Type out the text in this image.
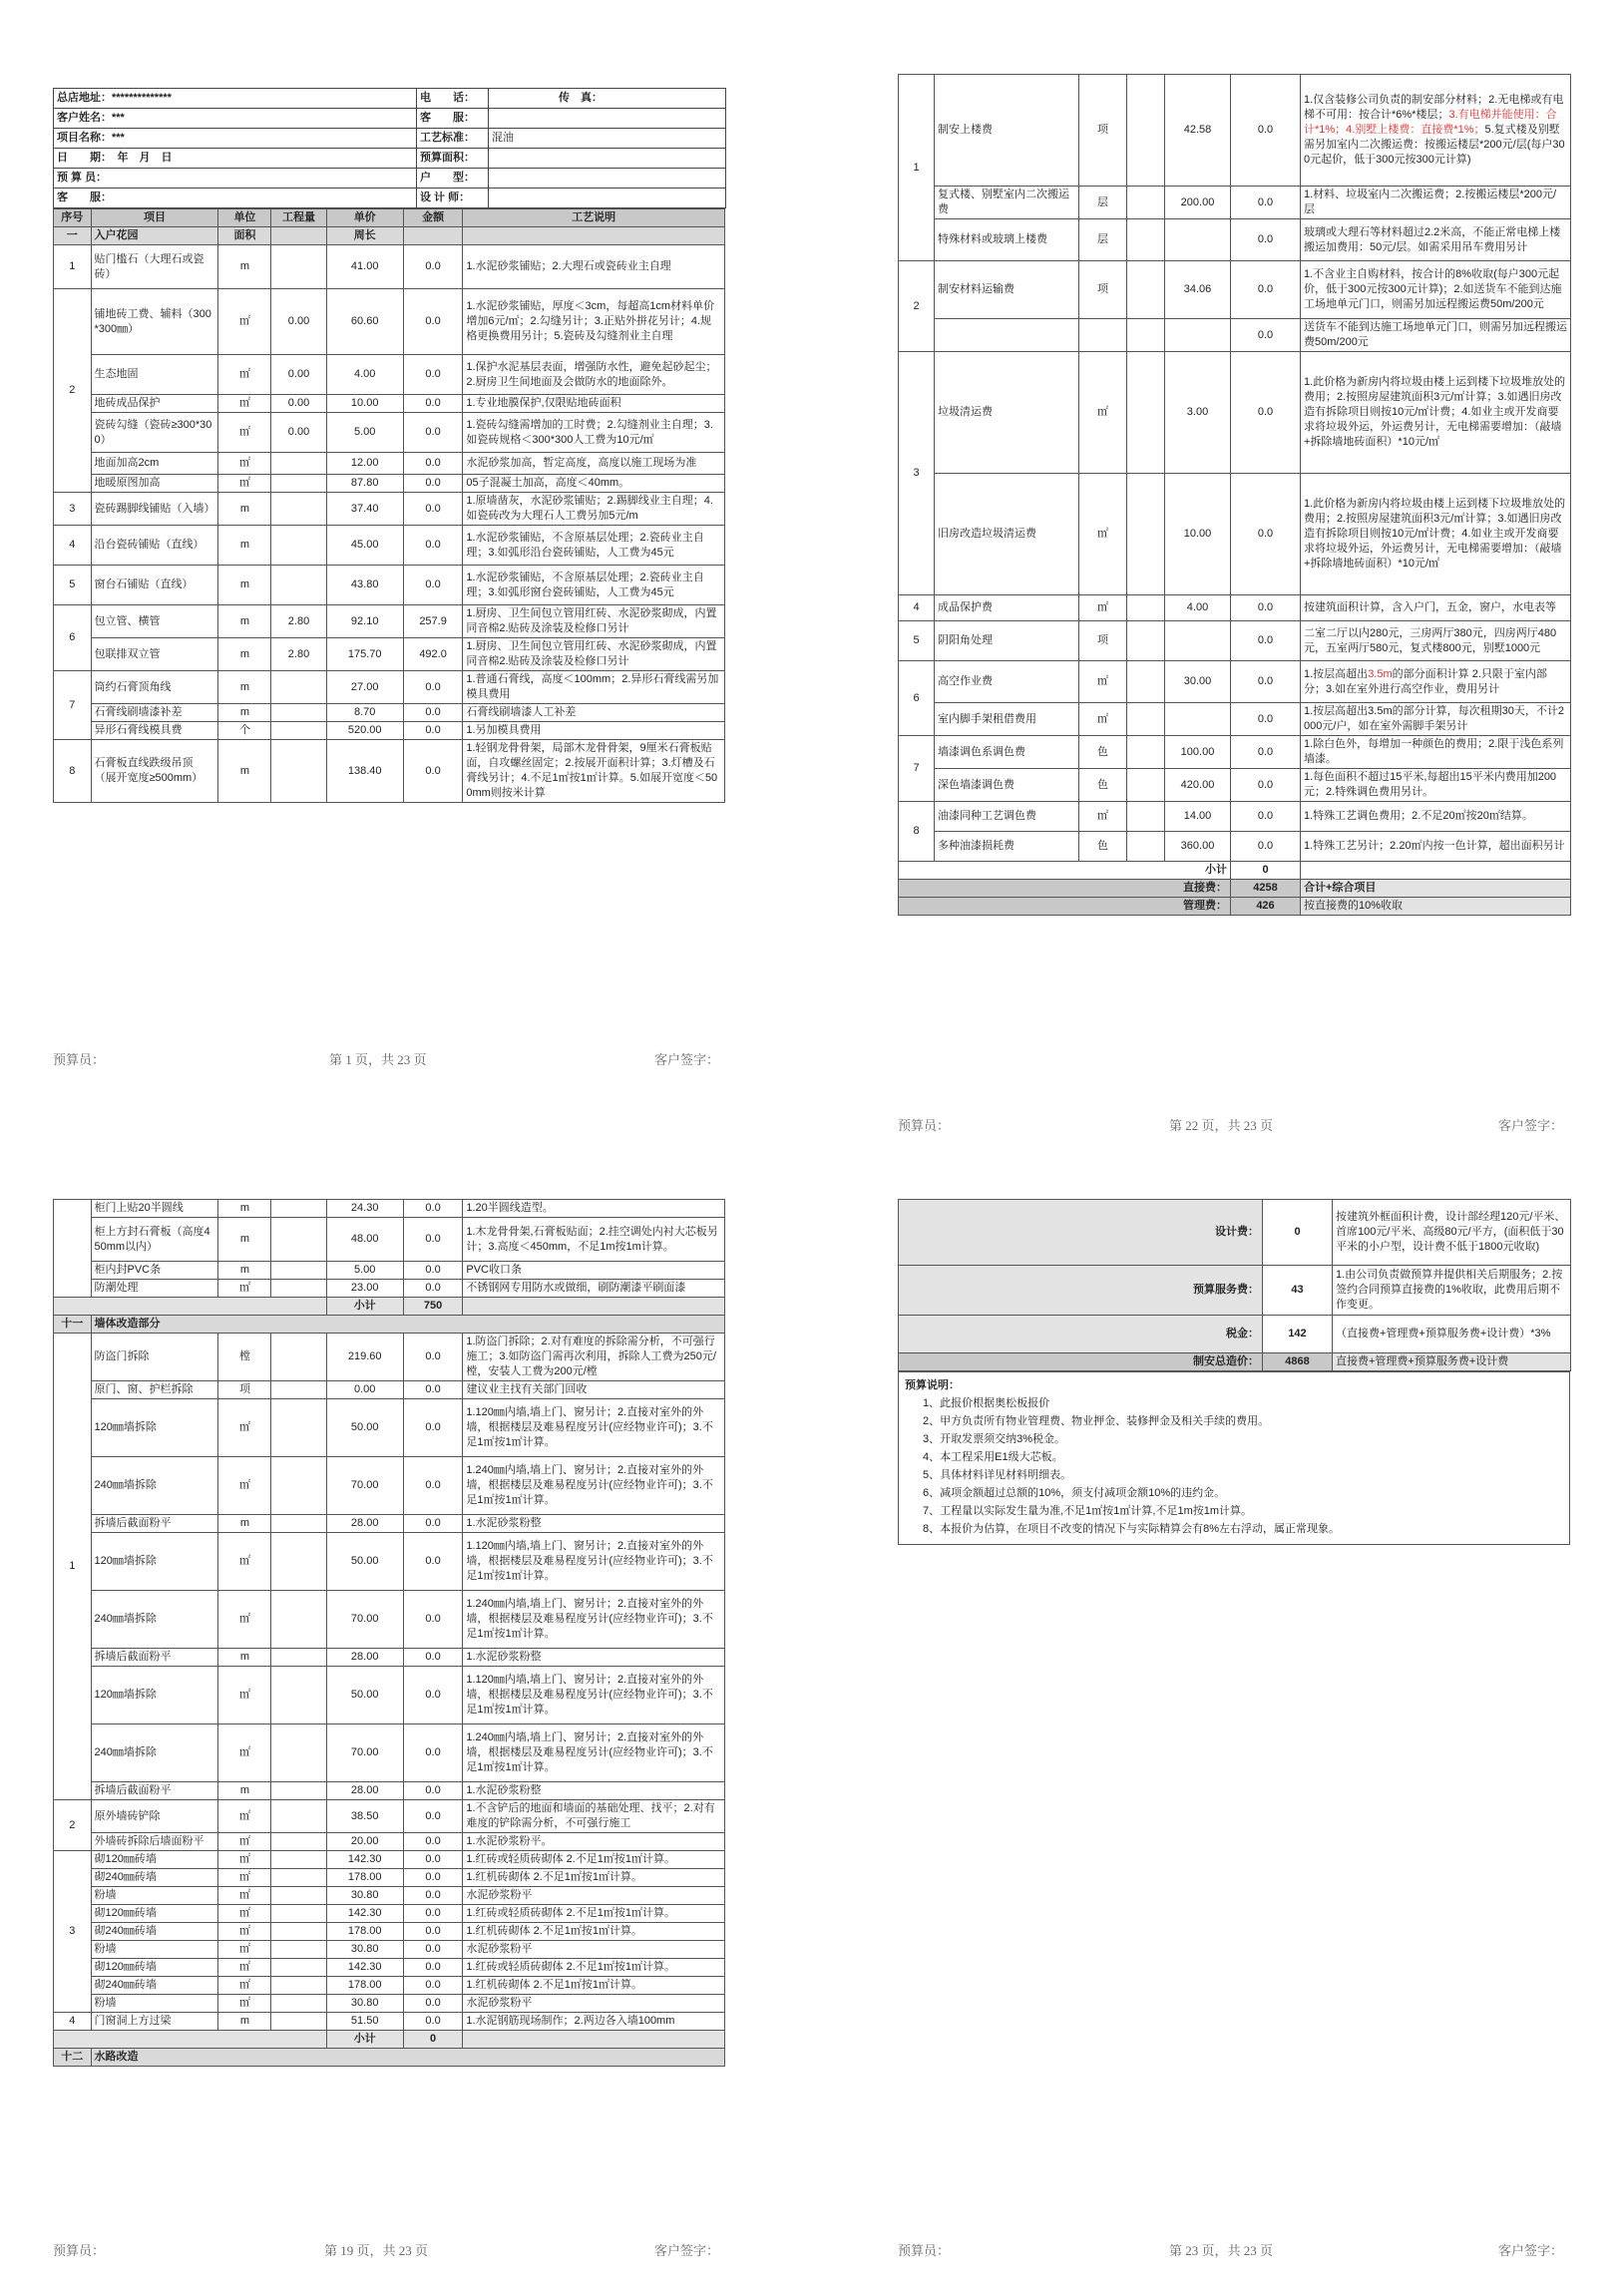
总店地址：**************	电　　话：	传　真：
客户姓名：***	客　　服：	
项目名称：***	工艺标准：	混油
日　　期：　年　月　日	预算面积：	
预 算 员：	户　　型：	
客　　服：	设 计 师：	
序号	项目	单位	工程量	单价	金额	工艺说明
一	入户花园	面积		周长		
1	贴门槛石（大理石或瓷砖）	m		41.00	0.0	1.水泥砂浆铺贴；2.大理石或瓷砖业主自理
2	铺地砖工费、辅料（300*300㎜）	㎡	0.00	60.60	0.0	1.水泥砂浆铺贴，厚度＜3cm，每超高1cm材料单价增加6元/㎡；2.勾缝另计；3.正贴外拼花另计；4.规格更换费用另计；5.瓷砖及勾缝剂业主自理
	生态地固	㎡	0.00	4.00	0.0	1.保护水泥基层表面，增强防水性，避免起砂起尘；2.厨房卫生间地面及会做防水的地面除外。
	地砖成品保护	㎡	0.00	10.00	0.0	1.专业地膜保护,仅限贴地砖面积
	瓷砖勾缝（瓷砖≥300*300）	㎡	0.00	5.00	0.0	1.瓷砖勾缝需增加的工时费；2.勾缝剂业主自理；3.如瓷砖规格＜300*300人工费为10元/㎡
	地面加高2cm	㎡		12.00	0.0	水泥砂浆加高，暂定高度，高度以施工现场为准
	地暖原图加高	㎡		87.80	0.0	05子混凝土加高，高度＜40mm。
3	瓷砖踢脚线铺贴（入墙）	m		37.40	0.0	1.原墙凿灰，水泥砂浆铺贴；2.踢脚线业主自理；4.如瓷砖改为大理石人工费另加5元/m
4	沿台瓷砖铺贴（直线）	m		45.00	0.0	1.水泥砂浆铺贴，不含原基层处理；2.瓷砖业主自理；3.如弧形沿台瓷砖铺贴，人工费为45元
5	窗台石铺贴（直线）	m		43.80	0.0	1.水泥砂浆铺贴，不含原基层处理；2.瓷砖业主自理；3.如弧形窗台瓷砖铺贴，人工费为45元
6	包立管、横管	m	2.80	92.10	257.9	1.厨房、卫生间包立管用红砖、水泥砂浆砌成，内置同音棉2.贴砖及涂装及检修口另计
	包联排双立管	m	2.80	175.70	492.0	1.厨房、卫生间包立管用红砖、水泥砂浆砌成，内置同音棉2.贴砖及涂装及检修口另计
7	筒约石膏顶角线	m		27.00	0.0	1.普通石膏线，高度＜100mm；2.异形石膏线需另加模具费用
	石膏线刷墙漆补差	m		8.70	0.0	石膏线刷墙漆人工补差
	异形石膏线模具费	个		520.00	0.0	1.另加模具费用
8	石膏板直线跌级吊顶（展开宽度≥500mm）	m		138.40	0.0	1.轻钢龙骨骨架，局部木龙骨骨架，9厘米石膏板贴面，自攻螺丝固定；2.按展开面积计算；3.灯槽及石膏线另计；4.不足1㎡按1㎡计算。5.如展开宽度＜500mm则按米计算
预算员：	第 1 页，共 23 页	客户签字：
1	制安上楼费	项		42.58	0.0	1.仅含装修公司负责的制安部分材料；2.无电梯或有电梯不可用：按合计*6%*楼层；3.有电梯并能使用：合计*1%；4.别墅上楼费：直接费*1%；5.复式楼及别墅需另加室内二次搬运费：按搬运楼层*200元/层(每户300元起价，低于300元按300元计算)
	复式楼、别墅室内二次搬运费	层		200.00	0.0	1.材料、垃圾室内二次搬运费；2.按搬运楼层*200元/层
	特殊材料或玻璃上楼费	层			0.0	玻璃或大理石等材料超过2.2米高，不能正常电梯上楼搬运加费用：50元/层。如需采用吊车费用另计
2	制安材料运输费	项		34.06	0.0	1.不含业主自购材料，按合计的8%收取(每户300元起价，低于300元按300元计算)；2.如送货车不能到达施工场地单元门口，则需另加远程搬运费50m/200元
					0.0	送货车不能到达施工场地单元门口，则需另加远程搬运费50m/200元
3	垃圾清运费	㎡		3.00	0.0	1.此价格为新房内将垃圾由楼上运到楼下垃圾堆放处的费用；2.按照房屋建筑面积3元/㎡计算；3.如遇旧房改造有拆除项目则按10元/㎡计费；4.如业主或开发商要求将垃圾外运，外运费另计，无电梯需要增加：（敲墙+拆除墙地砖面积）*10元/㎡
	旧房改造垃圾清运费	㎡		10.00	0.0	1.此价格为新房内将垃圾由楼上运到楼下垃圾堆放处的费用；2.按照房屋建筑面积3元/㎡计算；3.如遇旧房改造有拆除项目则按10元/㎡计费；4.如业主或开发商要求将垃圾外运，外运费另计，无电梯需要增加：（敲墙+拆除墙地砖面积）*10元/㎡
4	成品保护费	㎡		4.00	0.0	按建筑面积计算，含入户门，五金，窗户，水电表等
5	阴阳角处理	项			0.0	二室二厅以内280元，三房两厅380元，四房两厅480元，五室两厅580元，复式楼800元，别墅1000元
6	高空作业费	㎡		30.00	0.0	1.按层高超出3.5m的部分面积计算 2.只限于室内部分；3.如在室外进行高空作业，费用另计
	室内脚手架租借费用	㎡			0.0	1.按层高超出3.5m的部分计算，每次租期30天，不计2000元/户，如在室外需脚手架另计
7	墙漆调色系调色费	色		100.00	0.0	1.除白色外，每增加一种颜色的费用；2.限于浅色系列墙漆。
	深色墙漆调色费	色		420.00	0.0	1.每色面积不超过15平米,每超出15平米内费用加200元；2.特殊调色费用另计。
8	油漆同种工艺调色费	㎡		14.00	0.0	1.特殊工艺调色费用；2.不足20㎡按20㎡结算。
	多种油漆损耗费	色		360.00	0.0	1.特殊工艺另计；2.20㎡内按一色计算，超出面积另计
小计					0	
直接费：					4258	合计+综合项目
管理费：					426	按直接费的10%收取
预算员：	第 22 页，共 23 页	客户签字：
	柜门上贴20半圆线	m		24.30	0.0	1.20半圆线造型。
	柜上方封石膏板（高度450mm以内）	m		48.00	0.0	1.木龙骨骨架,石膏板贴面；2.挂空调处内衬大芯板另计；3.高度＜450mm，不足1m按1m计算。
	柜内封PVC条	m		5.00	0.0	PVC收口条
	防潮处理	㎡		23.00	0.0	不锈钢网专用防水或做细，刷防潮漆平刷面漆
				小计	750	
十一	墙体改造部分					
1	防盗门拆除	樘		219.60	0.0	1.防盗门拆除；2.对有难度的拆除需分析，不可强行施工；3.如防盗门需再次利用，拆除人工费为250元/樘，安装人工费为200元/樘
	原门、窗、护栏拆除	项		0.00	0.0	建议业主找有关部门回收
	120㎜墙拆除	㎡		50.00	0.0	1.120㎜内墙,墙上门、窗另计；2.直接对室外的外墙，根据楼层及难易程度另计(应经物业许可)；3.不足1㎡按1㎡计算。
	240㎜墙拆除	㎡		70.00	0.0	1.240㎜内墙,墙上门、窗另计；2.直接对室外的外墙，根据楼层及难易程度另计(应经物业许可)；3.不足1㎡按1㎡计算。
	拆墙后截面粉平	m		28.00	0.0	1.水泥砂浆粉整
	120㎜墙拆除	㎡		50.00	0.0	1.120㎜内墙,墙上门、窗另计；2.直接对室外的外墙，根据楼层及难易程度另计(应经物业许可)；3.不足1㎡按1㎡计算。
	240㎜墙拆除	㎡		70.00	0.0	1.240㎜内墙,墙上门、窗另计；2.直接对室外的外墙，根据楼层及难易程度另计(应经物业许可)；3.不足1㎡按1㎡计算。
	拆墙后截面粉平	m		28.00	0.0	1.水泥砂浆粉整
	120㎜墙拆除	㎡		50.00	0.0	1.120㎜内墙,墙上门、窗另计；2.直接对室外的外墙，根据楼层及难易程度另计(应经物业许可)；3.不足1㎡按1㎡计算。
	240㎜墙拆除	㎡		70.00	0.0	1.240㎜内墙,墙上门、窗另计；2.直接对室外的外墙，根据楼层及难易程度另计(应经物业许可)；3.不足1㎡按1㎡计算。
	拆墙后截面粉平	m		28.00	0.0	1.水泥砂浆粉整
2	原外墙砖铲除	㎡		38.50	0.0	1.不含铲后的地面和墙面的基础处理、找平；2.对有难度的铲除需分析，不可强行施工
	外墙砖拆除后墙面粉平	㎡		20.00	0.0	1.水泥砂浆粉平。
3	砌120㎜砖墙	㎡		142.30	0.0	1.红砖或轻质砖砌体 2.不足1㎡按1㎡计算。
	砌240㎜砖墙	㎡		178.00	0.0	1.红机砖砌体 2.不足1㎡按1㎡计算。
	粉墙	㎡		30.80	0.0	水泥砂浆粉平
	砌120㎜砖墙	㎡		142.30	0.0	1.红砖或轻质砖砌体 2.不足1㎡按1㎡计算。
	砌240㎜砖墙	㎡		178.00	0.0	1.红机砖砌体 2.不足1㎡按1㎡计算。
	粉墙	㎡		30.80	0.0	水泥砂浆粉平
	砌120㎜砖墙	㎡		142.30	0.0	1.红砖或轻质砖砌体 2.不足1㎡按1㎡计算。
	砌240㎜砖墙	㎡		178.00	0.0	1.红机砖砌体 2.不足1㎡按1㎡计算。
	粉墙	㎡		30.80	0.0	水泥砂浆粉平
4	门窗洞上方过梁	m		51.50	0.0	1.水泥钢筋现场制作；2.两边各入墙100mm
				小计	0	
十二	水路改造					
预算员：	第 19 页，共 23 页	客户签字：
设计费：	0	按建筑外框面积计费，设计部经理120元/平米、首席100元/平米、高级80元/平方，(面积低于30平米的小户型，设计费不低于1800元收取)
预算服务费：	43	1.由公司负责做预算并提供相关后期服务；2.按签约合同预算直接费的1%收取，此费用后期不作变更。
税金：	142	（直接费+管理费+预算服务费+设计费）*3%
制安总造价：	4868	直接费+管理费+预算服务费+设计费
预算说明：
1、此报价根据奥松板报价
2、甲方负责所有物业管理费、物业押金、装修押金及相关手续的费用。
3、开取发票须交纳3%税金。
4、本工程采用E1级大芯板。
5、具体材料详见材料明细表。
6、减项金额超过总额的10%，须支付减项金额10%的违约金。
7、工程量以实际发生量为准,不足1㎡按1㎡计算,不足1m按1m计算。
8、本报价为估算，在项目不改变的情况下与实际精算会有8%左右浮动，属正常现象。
预算员：	第 23 页，共 23 页	客户签字：
